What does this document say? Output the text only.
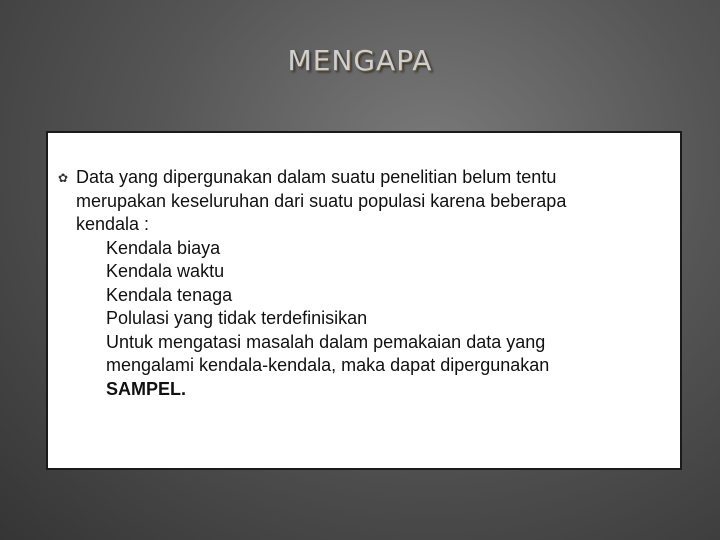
MENGAPA
✿ Data yang dipergunakan dalam suatu penelitian belum tentu
merupakan keseluruhan dari suatu populasi karena beberapa
kendala :
Kendala biaya
Kendala waktu
Kendala tenaga
Polulasi yang tidak terdefinisikan
Untuk mengatasi masalah dalam pemakaian data yang
mengalami kendala-kendala, maka dapat dipergunakan
SAMPEL.
